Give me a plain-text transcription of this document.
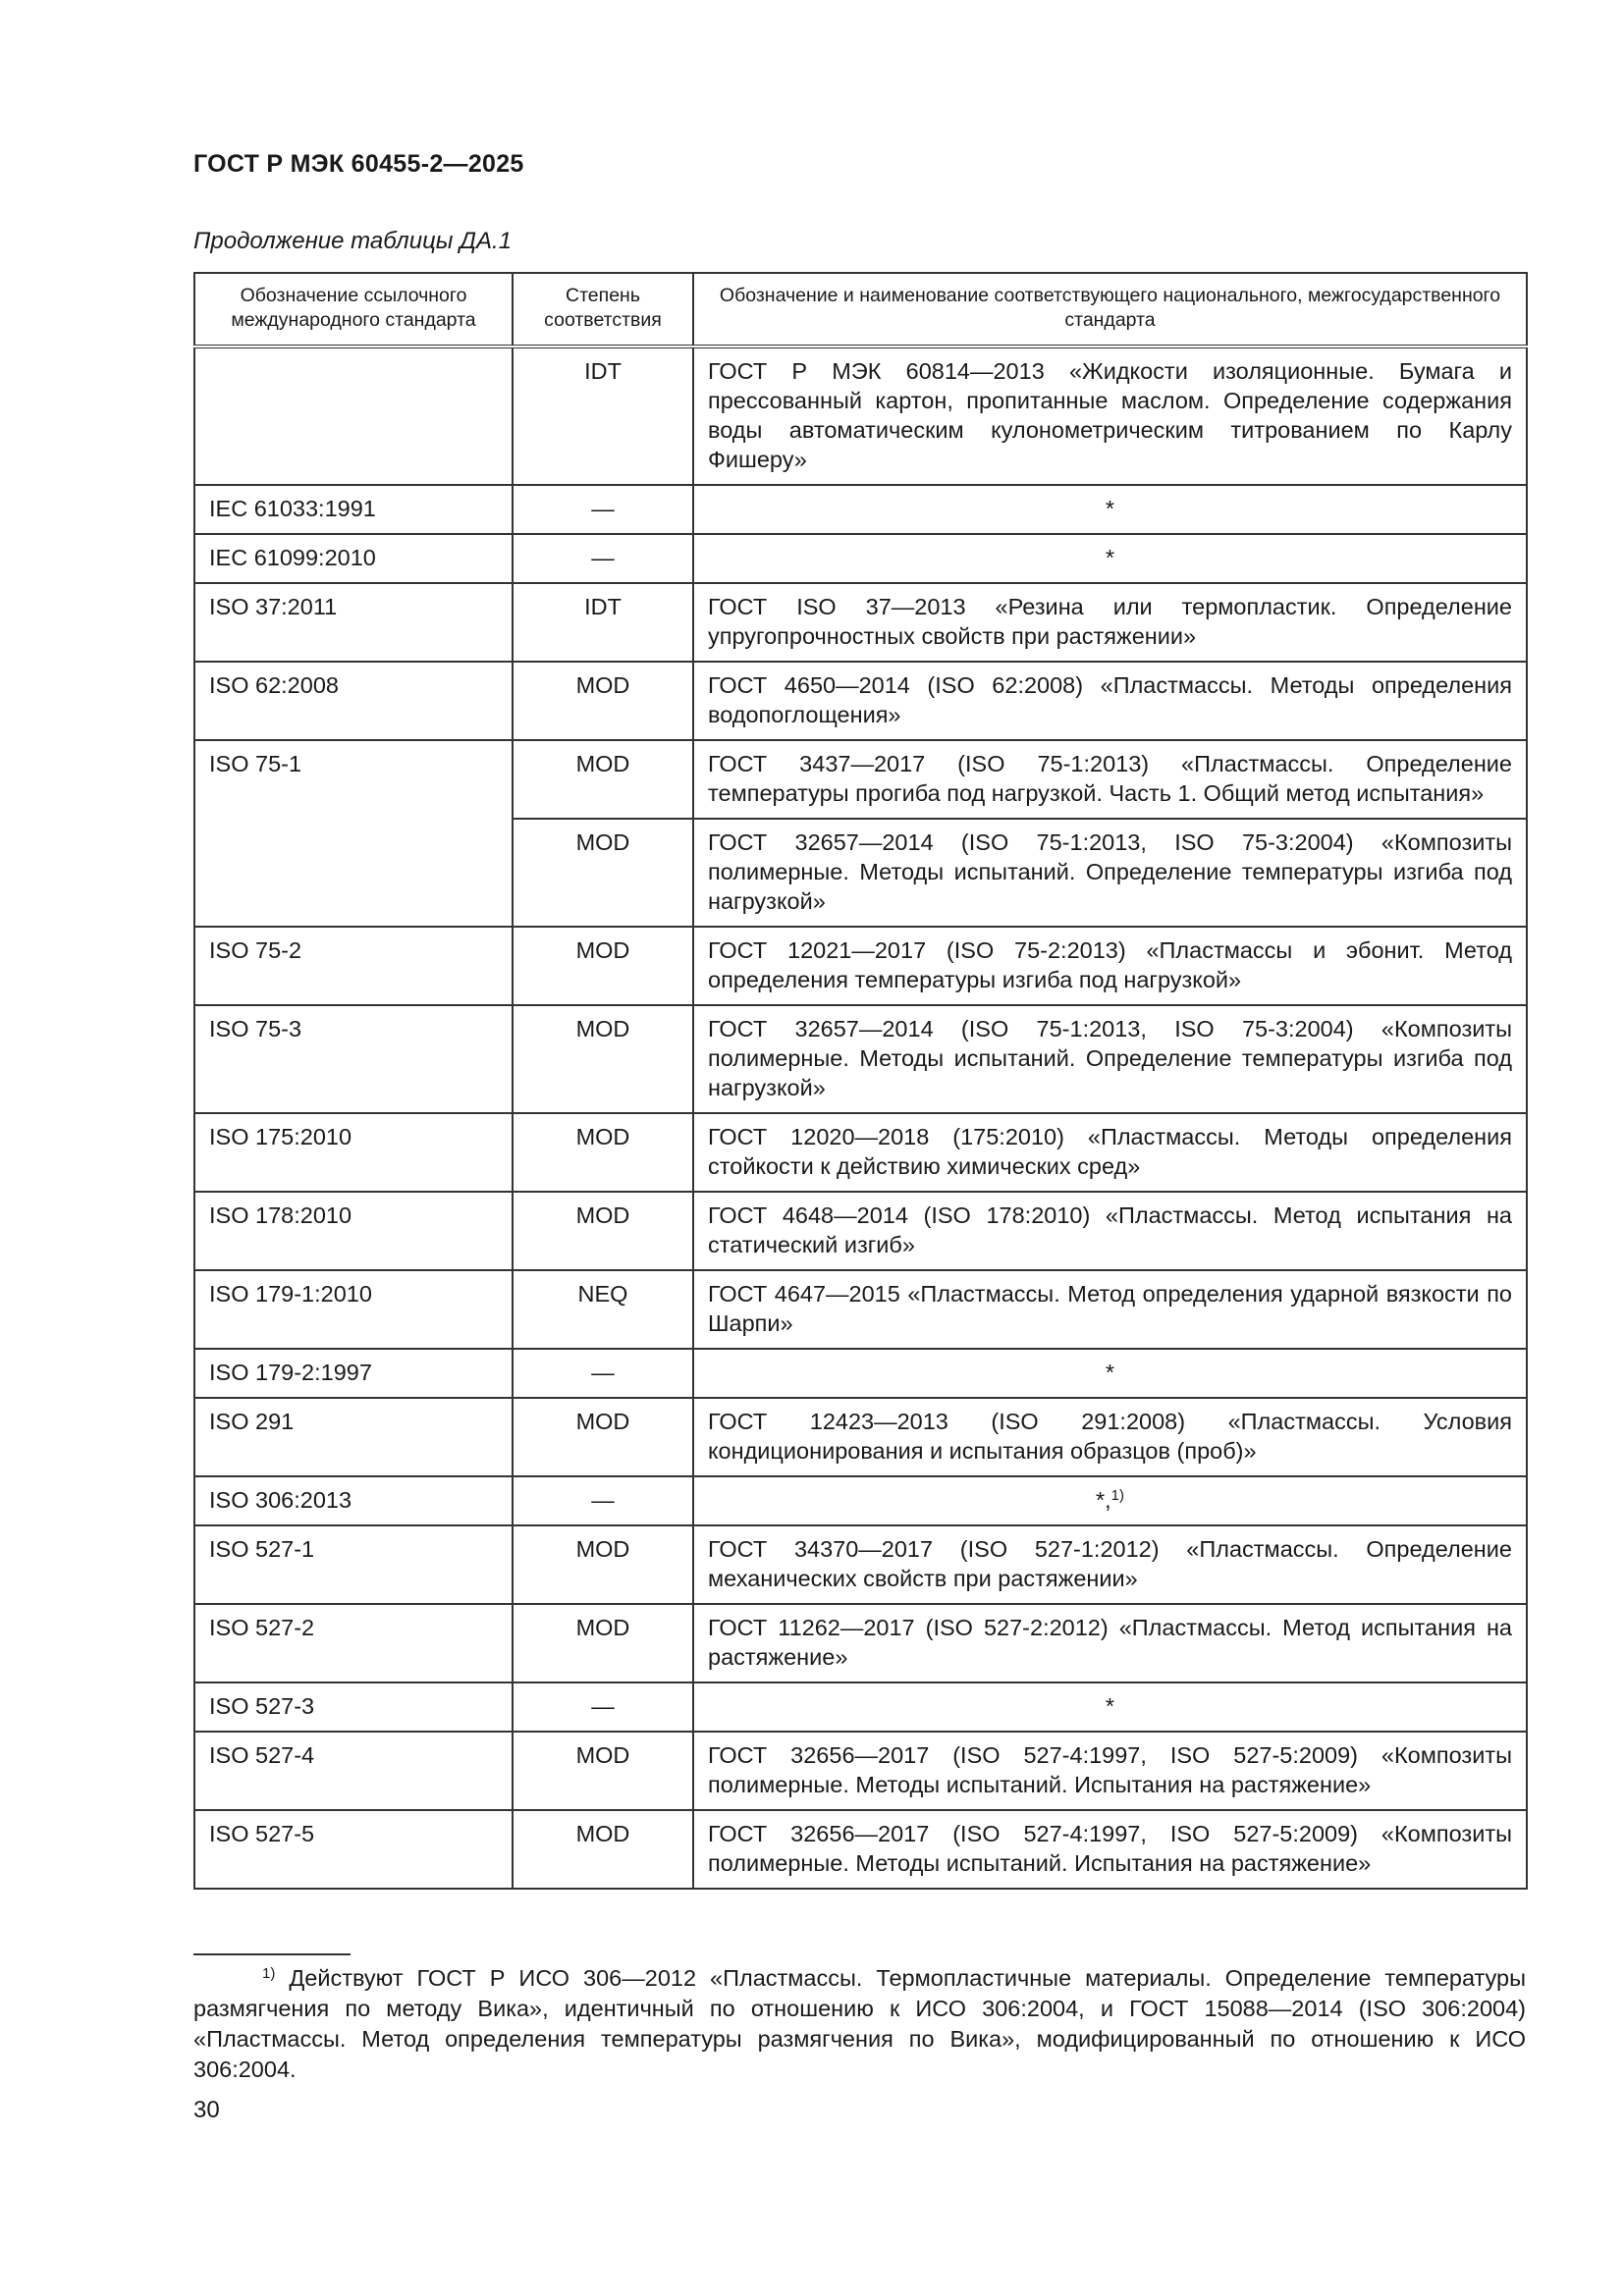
ГОСТ Р МЭК 60455-2—2025
Продолжение таблицы ДА.1
Обозначение ссылочного международного стандарта	Степень соответствия	Обозначение и наименование соответствующего национального, межгосударственного стандарта
	IDT	ГОСТ Р МЭК 60814—2013 «Жидкости изоляционные. Бумага и прессованный картон, пропитанные маслом. Определение содержания воды автоматическим кулонометрическим титрованием по Карлу Фишеру»
IEC 61033:1991	—	*
IEC 61099:2010	—	*
ISO 37:2011	IDT	ГОСТ ISO 37—2013 «Резина или термопластик. Определение упругопрочностных свойств при растяжении»
ISO 62:2008	MOD	ГОСТ 4650—2014 (ISO 62:2008) «Пластмассы. Методы определения водопоглощения»
ISO 75-1	MOD	ГОСТ 3437—2017 (ISO 75-1:2013) «Пластмассы. Определение температуры прогиба под нагрузкой. Часть 1. Общий метод испытания»
	MOD	ГОСТ 32657—2014 (ISO 75-1:2013, ISO 75-3:2004) «Композиты полимерные. Методы испытаний. Определение температуры изгиба под нагрузкой»
ISO 75-2	MOD	ГОСТ 12021—2017 (ISO 75-2:2013) «Пластмассы и эбонит. Метод определения температуры изгиба под нагрузкой»
ISO 75-3	MOD	ГОСТ 32657—2014 (ISO 75-1:2013, ISO 75-3:2004) «Композиты полимерные. Методы испытаний. Определение температуры изгиба под нагрузкой»
ISO 175:2010	MOD	ГОСТ 12020—2018 (175:2010) «Пластмассы. Методы определения стойкости к действию химических сред»
ISO 178:2010	MOD	ГОСТ 4648—2014 (ISO 178:2010) «Пластмассы. Метод испытания на статический изгиб»
ISO 179-1:2010	NEQ	ГОСТ 4647—2015 «Пластмассы. Метод определения ударной вязкости по Шарпи»
ISO 179-2:1997	—	*
ISO 291	MOD	ГОСТ 12423—2013 (ISO 291:2008) «Пластмассы. Условия кондиционирования и испытания образцов (проб)»
ISO 306:2013	—	*,$^{1)}$
ISO 527-1	MOD	ГОСТ 34370—2017 (ISO 527-1:2012) «Пластмассы. Определение механических свойств при растяжении»
ISO 527-2	MOD	ГОСТ 11262—2017 (ISO 527-2:2012) «Пластмассы. Метод испытания на растяжение»
ISO 527-3	—	*
ISO 527-4	MOD	ГОСТ 32656—2017 (ISO 527-4:1997, ISO 527-5:2009) «Композиты полимерные. Методы испытаний. Испытания на растяжение»
ISO 527-5	MOD	ГОСТ 32656—2017 (ISO 527-4:1997, ISO 527-5:2009) «Композиты полимерные. Методы испытаний. Испытания на растяжение»
$^{1)}$ Действуют ГОСТ Р ИСО 306—2012 «Пластмассы. Термопластичные материалы. Определение температуры размягчения по методу Вика», идентичный по отношению к ИСО 306:2004, и ГОСТ 15088—2014 (ISO 306:2004) «Пластмассы. Метод определения температуры размягчения по Вика», модифицированный по отношению к ИСО 306:2004.
30
